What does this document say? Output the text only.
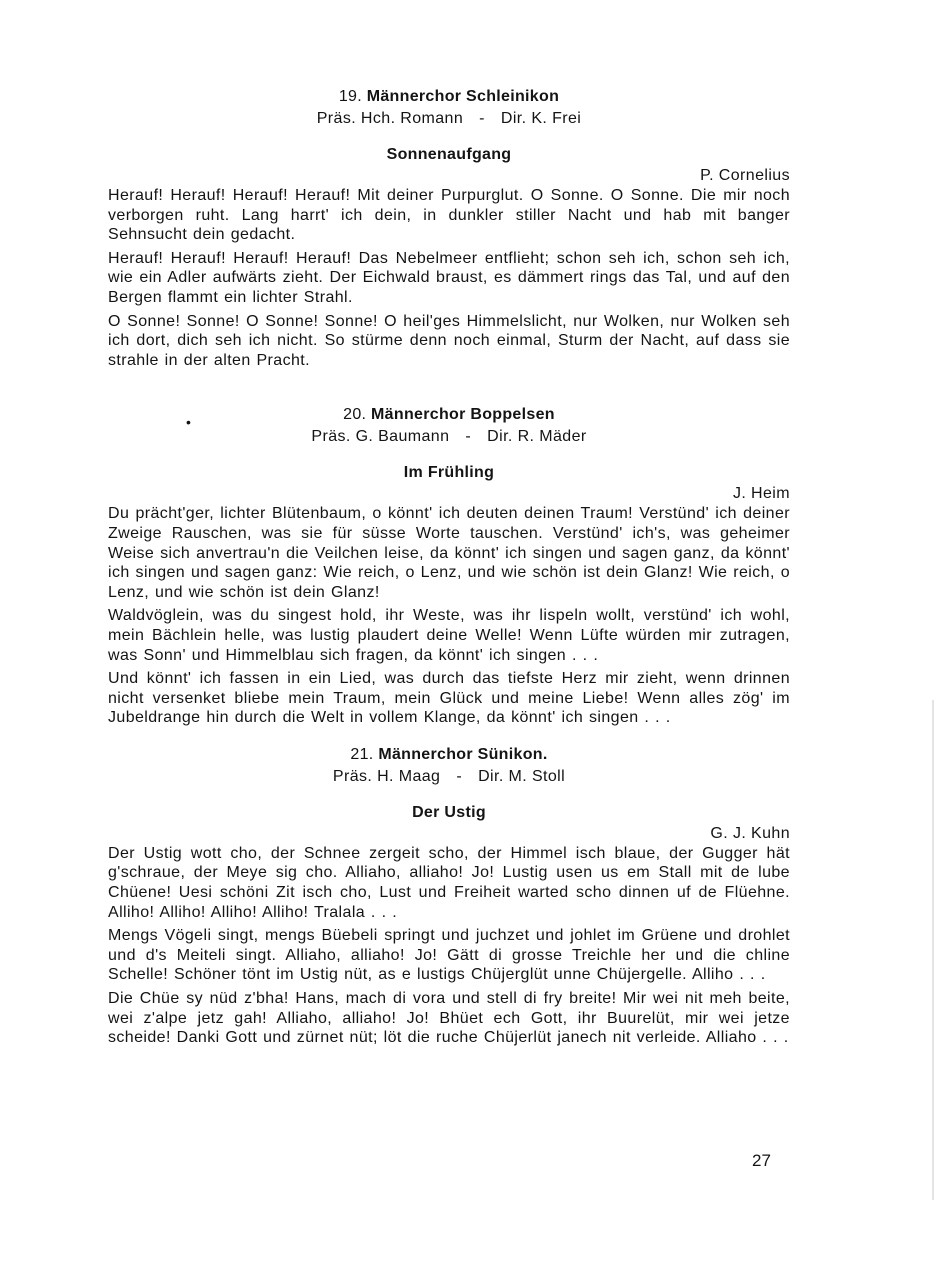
19. Männerchor Schleinikon
Präs. Hch. Romann - Dir. K. Frei
Sonnenaufgang
P. Cornelius

Herauf! Herauf! Herauf! Herauf! Mit deiner Purpurglut. O Sonne. O Sonne. Die mir noch verborgen ruht. Lang harrt' ich dein, in dunkler stiller Nacht und hab mit banger Sehnsucht dein gedacht.

Herauf! Herauf! Herauf! Herauf! Das Nebelmeer entflieht; schon seh ich, schon seh ich, wie ein Adler aufwärts zieht. Der Eichwald braust, es dämmert rings das Tal, und auf den Bergen flammt ein lichter Strahl.

O Sonne! Sonne! O Sonne! Sonne! O heil'ges Himmelslicht, nur Wolken, nur Wolken seh ich dort, dich seh ich nicht. So stürme denn noch einmal, Sturm der Nacht, auf dass sie strahle in der alten Pracht.

20. Männerchor Boppelsen
Präs. G. Baumann - Dir. R. Mäder
Im Frühling
J. Heim

Du prächt'ger, lichter Blütenbaum, o könnt' ich deuten deinen Traum! Verstünd' ich deiner Zweige Rauschen, was sie für süsse Worte tauschen. Verstünd' ich's, was geheimer Weise sich anvertrau'n die Veilchen leise, da könnt' ich singen und sagen ganz, da könnt' ich singen und sagen ganz: Wie reich, o Lenz, und wie schön ist dein Glanz! Wie reich, o Lenz, und wie schön ist dein Glanz!

Waldvöglein, was du singest hold, ihr Weste, was ihr lispeln wollt, verstünd' ich wohl, mein Bächlein helle, was lustig plaudert deine Welle! Wenn Lüfte würden mir zutragen, was Sonn' und Himmelblau sich fragen, da könnt' ich singen . . .

Und könnt' ich fassen in ein Lied, was durch das tiefste Herz mir zieht, wenn drinnen nicht versenket bliebe mein Traum, mein Glück und meine Liebe! Wenn alles zög' im Jubeldrange hin durch die Welt in vollem Klange, da könnt' ich singen . . .

21. Männerchor Sünikon.
Präs. H. Maag - Dir. M. Stoll
Der Ustig
G. J. Kuhn

Der Ustig wott cho, der Schnee zergeit scho, der Himmel isch blaue, der Gugger hät g'schraue, der Meye sig cho. Alliaho, alliaho! Jo! Lustig usen us em Stall mit de lube Chüene! Uesi schöni Zit isch cho, Lust und Freiheit warted scho dinnen uf de Flüehne. Alliho! Alliho! Alliho! Alliho! Tralala . . .

Mengs Vögeli singt, mengs Büebeli springt und juchzet und johlet im Grüene und drohlet und d's Meiteli singt. Alliaho, alliaho! Jo! Gätt di grosse Treichle her und die chline Schelle! Schöner tönt im Ustig nüt, as e lustigs Chüjerglüt unne Chüjergelle. Alliho . . .

Die Chüe sy nüd z'bha! Hans, mach di vora und stell di fry breite! Mir wei nit meh beite, wei z'alpe jetz gah! Alliaho, alliaho! Jo! Bhüet ech Gott, ihr Buurelüt, mir wei jetze scheide! Danki Gott und zürnet nüt; löt die ruche Chüjerlüt janech nit verleide. Alliaho . . .

•
27
